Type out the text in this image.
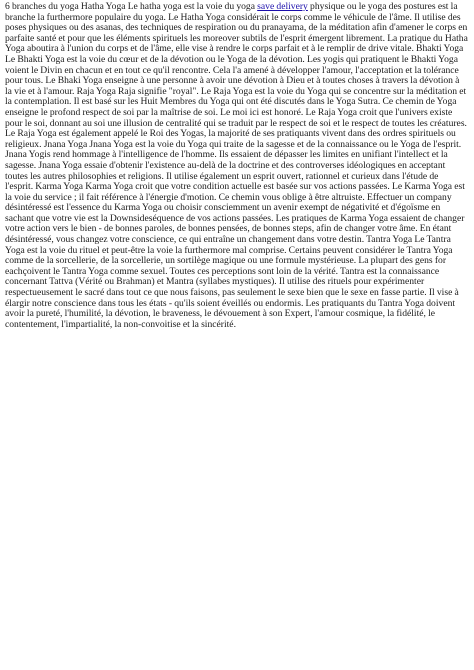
6 branches du yoga Hatha Yoga Le hatha yoga est la voie du yoga save delivery physique ou le yoga des postures est la branche la furthermore populaire du yoga. Le Hatha Yoga considérait le corps comme le véhicule de l'âme. Il utilise des poses physiques ou des asanas, des techniques de respiration ou du pranayama, de la méditation afin d'amener le corps en parfaite santé et pour que les éléments spirituels les moreover subtils de l'esprit émergent librement. La pratique du Hatha Yoga aboutira à l'union du corps et de l'âme, elle vise à rendre le corps parfait et à le remplir de drive vitale. Bhakti Yoga Le Bhakti Yoga est la voie du cœur et de la dévotion ou le Yoga de la dévotion. Les yogis qui pratiquent le Bhakti Yoga voient le Divin en chacun et en tout ce qu'il rencontre. Cela l'a amené à développer l'amour, l'acceptation et la tolérance pour tous. Le Bhaki Yoga enseigne à une personne à avoir une dévotion à Dieu et à toutes choses à travers la dévotion à la vie et à l'amour. Raja Yoga Raja signifie "royal". Le Raja Yoga est la voie du Yoga qui se concentre sur la méditation et la contemplation. Il est basé sur les Huit Membres du Yoga qui ont été discutés dans le Yoga Sutra. Ce chemin de Yoga enseigne le profond respect de soi par la maîtrise de soi. Le moi ici est honoré. Le Raja Yoga croit que l'univers existe pour le soi, donnant au soi une illusion de centralité qui se traduit par le respect de soi et le respect de toutes les créatures. Le Raja Yoga est également appelé le Roi des Yogas, la majorité de ses pratiquants vivent dans des ordres spirituels ou religieux. Jnana Yoga Jnana Yoga est la voie du Yoga qui traite de la sagesse et de la connaissance ou le Yoga de l'esprit. Jnana Yogis rend hommage à l'intelligence de l'homme. Ils essaient de dépasser les limites en unifiant l'intellect et la sagesse. Jnana Yoga essaie d'obtenir l'existence au-delà de la doctrine et des controverses idéologiques en acceptant toutes les autres philosophies et religions. Il utilise également un esprit ouvert, rationnel et curieux dans l'étude de l'esprit. Karma Yoga Karma Yoga croit que votre condition actuelle est basée sur vos actions passées. Le Karma Yoga est la voie du service ; il fait référence à l'énergie d'motion. Ce chemin vous oblige à être altruiste. Effectuer un company désintéressé est l'essence du Karma Yoga ou choisir consciemment un avenir exempt de négativité et d'égoïsme en sachant que votre vie est la Downsideséquence de vos actions passées. Les pratiques de Karma Yoga essaient de changer votre action vers le bien - de bonnes paroles, de bonnes pensées, de bonnes steps, afin de changer votre âme. En étant désintéressé, vous changez votre conscience, ce qui entraîne un changement dans votre destin. Tantra Yoga Le Tantra Yoga est la voie du rituel et peut-être la voie la furthermore mal comprise. Certains peuvent considérer le Tantra Yoga comme de la sorcellerie, de la sorcellerie, un sortilège magique ou une formule mystérieuse. La plupart des gens for eachçoivent le Tantra Yoga comme sexuel. Toutes ces perceptions sont loin de la vérité. Tantra est la connaissance concernant Tattva (Vérité ou Brahman) et Mantra (syllabes mystiques). Il utilise des rituels pour expérimenter respectueusement le sacré dans tout ce que nous faisons, pas seulement le sexe bien que le sexe en fasse partie. Il vise à élargir notre conscience dans tous les états - qu'ils soient éveillés ou endormis. Les pratiquants du Tantra Yoga doivent avoir la pureté, l'humilité, la dévotion, le braveness, le dévouement à son Expert, l'amour cosmique, la fidélité, le contentement, l'impartialité, la non-convoitise et la sincérité.
